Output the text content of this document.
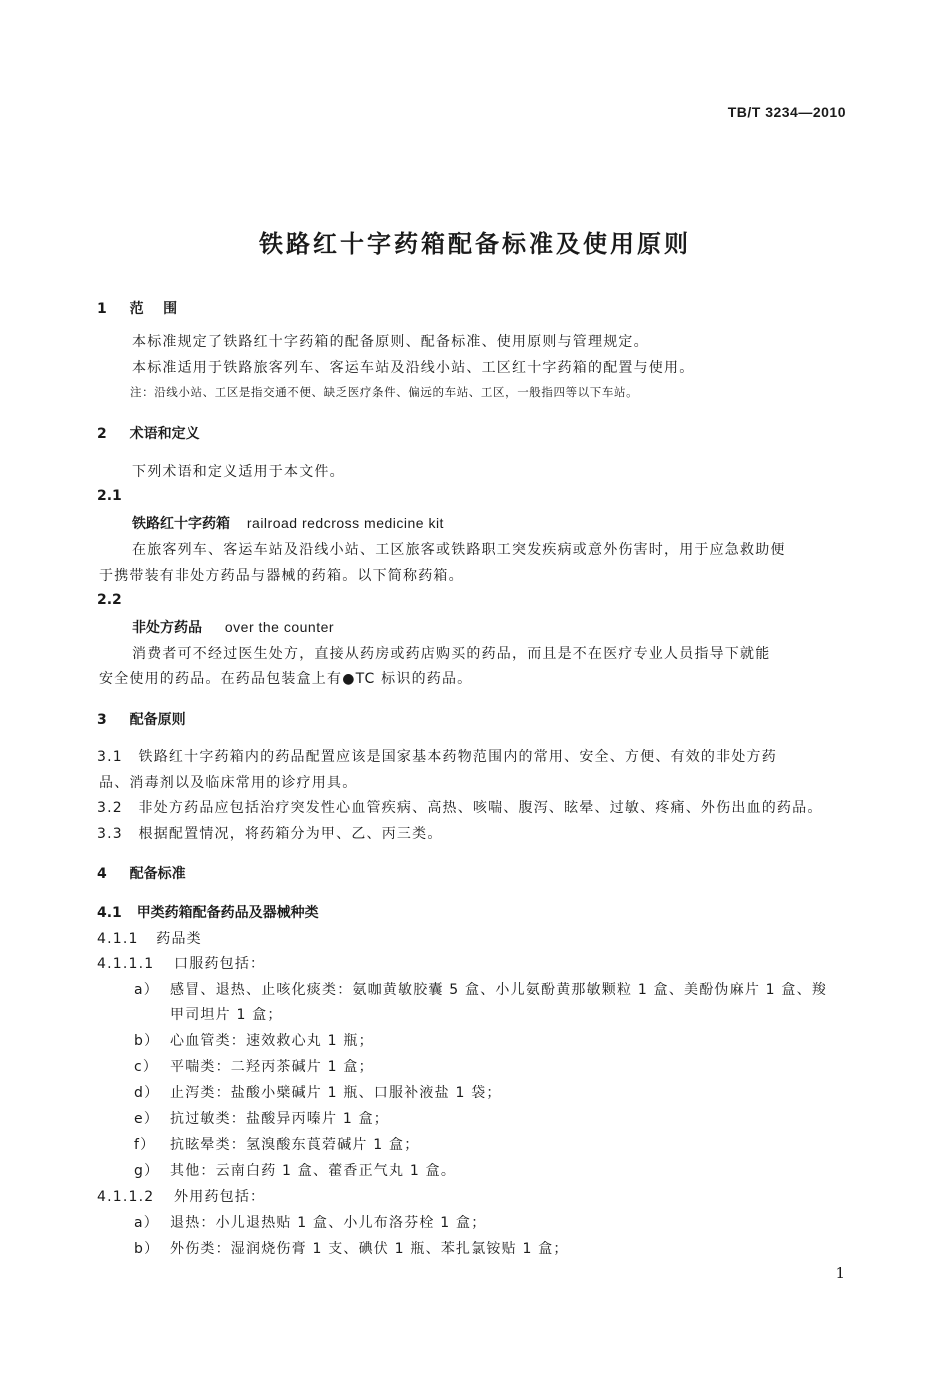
TB/T 3234—2010
铁路红十字药箱配备标准及使用原则
1 范    围
本标准规定了铁路红十字药箱的配备原则、配备标准、使用原则与管理规定。
本标准适用于铁路旅客列车、客运车站及沿线小站、工区红十字药箱的配置与使用。
注：沿线小站、工区是指交通不便、缺乏医疗条件、偏远的车站、工区，一般指四等以下车站。
2 术语和定义
下列术语和定义适用于本文件。
2.1
铁路红十字药箱 railroad redcross medicine kit
在旅客列车、客运车站及沿线小站、工区旅客或铁路职工突发疾病或意外伤害时，用于应急救助便
于携带装有非处方药品与器械的药箱。以下简称药箱。
2.2
非处方药品 over the counter
消费者可不经过医生处方，直接从药房或药店购买的药品，而且是不在医疗专业人员指导下就能
安全使用的药品。在药品包装盒上有●TC 标识的药品。
3 配备原则
3.1 铁路红十字药箱内的药品配置应该是国家基本药物范围内的常用、安全、方便、有效的非处方药
品、消毒剂以及临床常用的诊疗用具。
3.2 非处方药品应包括治疗突发性心血管疾病、高热、咳喘、腹泻、眩晕、过敏、疼痛、外伤出血的药品。
3.3 根据配置情况，将药箱分为甲、乙、丙三类。
4 配备标准
4.1 甲类药箱配备药品及器械种类
4.1.1 药品类
4.1.1.1 口服药包括：
a） 感冒、退热、止咳化痰类：氨咖黄敏胶囊 5 盒、小儿氨酚黄那敏颗粒 1 盒、美酚伪麻片 1 盒、羧
甲司坦片 1 盒；
b） 心血管类：速效救心丸 1 瓶；
c） 平喘类：二羟丙茶碱片 1 盒；
d） 止泻类：盐酸小檗碱片 1 瓶、口服补液盐 1 袋；
e） 抗过敏类：盐酸异丙嗪片 1 盒；
f） 抗眩晕类：氢溴酸东莨菪碱片 1 盒；
g） 其他：云南白药 1 盒、藿香正气丸 1 盒。
4.1.1.2 外用药包括：
a） 退热：小儿退热贴 1 盒、小儿布洛芬栓 1 盒；
b） 外伤类：湿润烧伤膏 1 支、碘伏 1 瓶、苯扎氯铵贴 1 盒；
1
